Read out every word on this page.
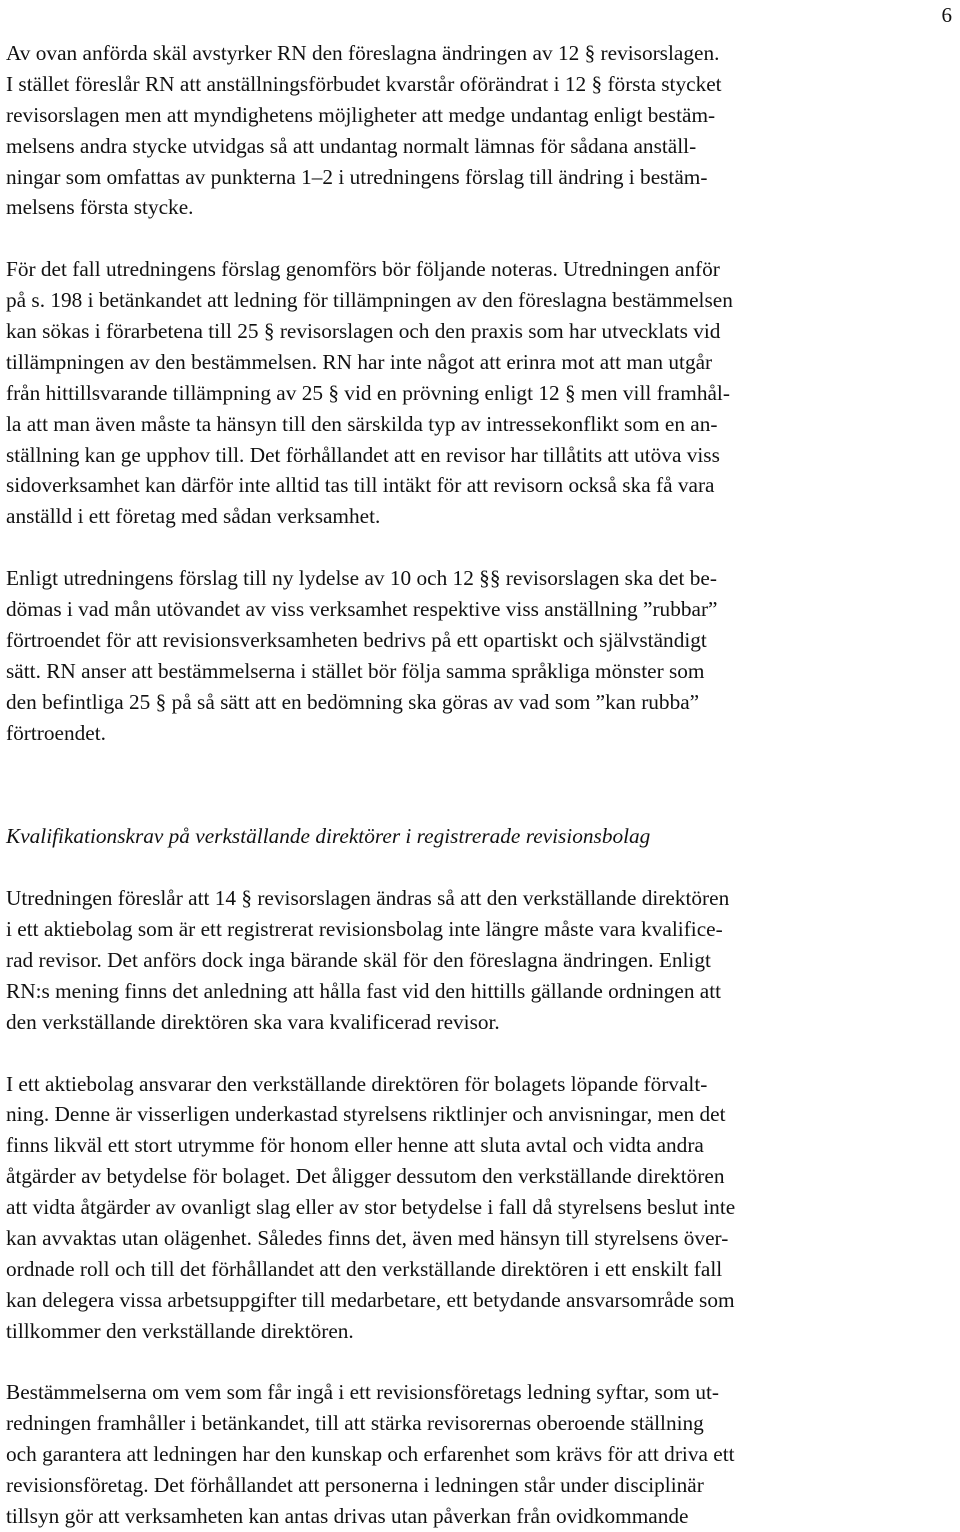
6
Av ovan anförda skäl avstyrker RN den föreslagna ändringen av 12 § revisorslagen.
I stället föreslår RN att anställningsförbudet kvarstår oförändrat i 12 § första stycket
revisorslagen men att myndighetens möjligheter att medge undantag enligt bestäm-
melsens andra stycke utvidgas så att undantag normalt lämnas för sådana anställ-
ningar som omfattas av punkterna 1–2 i utredningens förslag till ändring i bestäm-
melsens första stycke.
För det fall utredningens förslag genomförs bör följande noteras. Utredningen anför
på s. 198 i betänkandet att ledning för tillämpningen av den föreslagna bestämmelsen
kan sökas i förarbetena till 25 § revisorslagen och den praxis som har utvecklats vid
tillämpningen av den bestämmelsen. RN har inte något att erinra mot att man utgår
från hittillsvarande tillämpning av 25 § vid en prövning enligt 12 § men vill framhål-
la att man även måste ta hänsyn till den särskilda typ av intressekonflikt som en an-
ställning kan ge upphov till. Det förhållandet att en revisor har tillåtits att utöva viss
sidoverksamhet kan därför inte alltid tas till intäkt för att revisorn också ska få vara
anställd i ett företag med sådan verksamhet.
Enligt utredningens förslag till ny lydelse av 10 och 12 §§ revisorslagen ska det be-
dömas i vad mån utövandet av viss verksamhet respektive viss anställning ”rubbar”
förtroendet för att revisionsverksamheten bedrivs på ett opartiskt och självständigt
sätt. RN anser att bestämmelserna i stället bör följa samma språkliga mönster som
den befintliga 25 § på så sätt att en bedömning ska göras av vad som ”kan rubba”
förtroendet.
Kvalifikationskrav på verkställande direktörer i registrerade revisionsbolag
Utredningen föreslår att 14 § revisorslagen ändras så att den verkställande direktören
i ett aktiebolag som är ett registrerat revisionsbolag inte längre måste vara kvalifice-
rad revisor. Det anförs dock inga bärande skäl för den föreslagna ändringen. Enligt
RN:s mening finns det anledning att hålla fast vid den hittills gällande ordningen att
den verkställande direktören ska vara kvalificerad revisor.
I ett aktiebolag ansvarar den verkställande direktören för bolagets löpande förvalt-
ning. Denne är visserligen underkastad styrelsens riktlinjer och anvisningar, men det
finns likväl ett stort utrymme för honom eller henne att sluta avtal och vidta andra
åtgärder av betydelse för bolaget. Det åligger dessutom den verkställande direktören
att vidta åtgärder av ovanligt slag eller av stor betydelse i fall då styrelsens beslut inte
kan avvaktas utan olägenhet. Således finns det, även med hänsyn till styrelsens över-
ordnade roll och till det förhållandet att den verkställande direktören i ett enskilt fall
kan delegera vissa arbetsuppgifter till medarbetare, ett betydande ansvarsområde som
tillkommer den verkställande direktören.
Bestämmelserna om vem som får ingå i ett revisionsföretags ledning syftar, som ut-
redningen framhåller i betänkandet, till att stärka revisorernas oberoende ställning
och garantera att ledningen har den kunskap och erfarenhet som krävs för att driva ett
revisionsföretag. Det förhållandet att personerna i ledningen står under disciplinär
tillsyn gör att verksamheten kan antas drivas utan påverkan från ovidkommande
